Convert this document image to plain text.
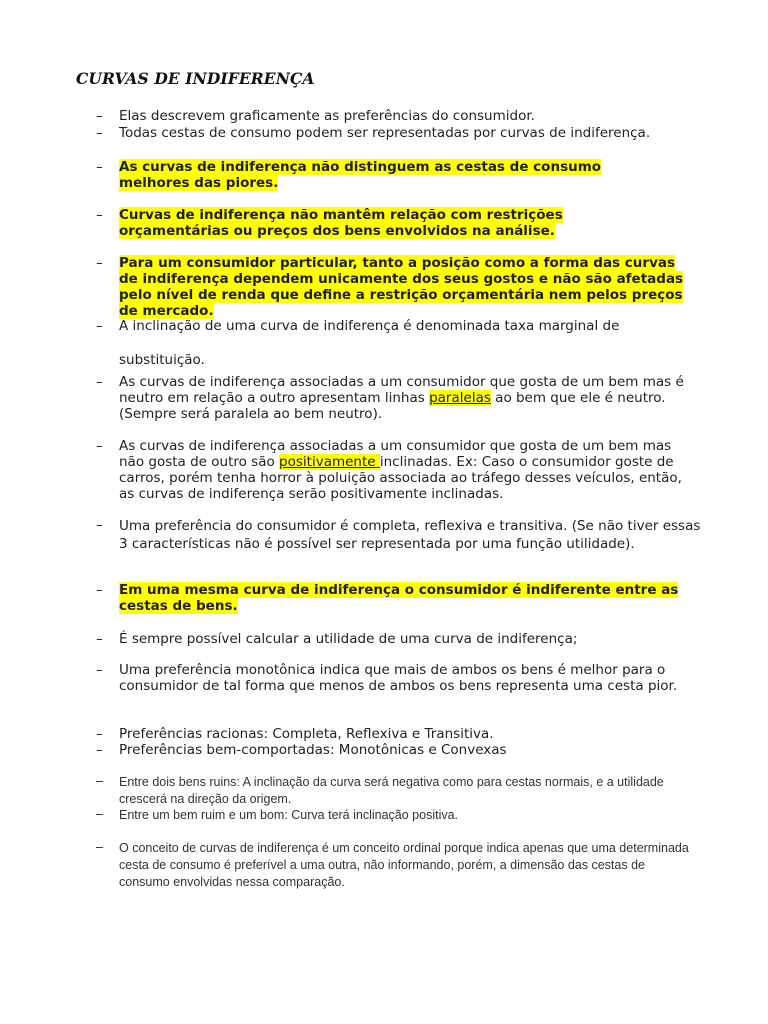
CURVAS DE INDIFERENÇA
– Elas descrevem graficamente as preferências do consumidor.
– Todas cestas de consumo podem ser representadas por curvas de indiferença.
– As curvas de indiferença não distinguem as cestas de consumo melhores das piores.
– Curvas de indiferença não mantêm relação com restrições orçamentárias ou preços dos bens envolvidos na análise.
– Para um consumidor particular, tanto a posição como a forma das curvas de indiferença dependem unicamente dos seus gostos e não são afetadas pelo nível de renda que define a restrição orçamentária nem pelos preços de mercado.
– A inclinação de uma curva de indiferença é denominada taxa marginal de
substituição.
– As curvas de indiferença associadas a um consumidor que gosta de um bem mas é neutro em relação a outro apresentam linhas paralelas ao bem que ele é neutro. (Sempre será paralela ao bem neutro).
– As curvas de indiferença associadas a um consumidor que gosta de um bem mas não gosta de outro são positivamente inclinadas. Ex: Caso o consumidor goste de carros, porém tenha horror à poluição associada ao tráfego desses veículos, então, as curvas de indiferença serão positivamente inclinadas.
– Uma preferência do consumidor é completa, reflexiva e transitiva. (Se não tiver essas 3 características não é possível ser representada por uma função utilidade).
– Em uma mesma curva de indiferença o consumidor é indiferente entre as cestas de bens.
– É sempre possível calcular a utilidade de uma curva de indiferença;
– Uma preferência monotônica indica que mais de ambos os bens é melhor para o consumidor de tal forma que menos de ambos os bens representa uma cesta pior.
– Preferências racionas: Completa, Reflexiva e Transitiva.
– Preferências bem-comportadas: Monotônicas e Convexas
– Entre dois bens ruins: A inclinação da curva será negativa como para cestas normais, e a utilidade crescerá na direção da origem.
– Entre um bem ruim e um bom: Curva terá inclinação positiva.
– O conceito de curvas de indiferença é um conceito ordinal porque indica apenas que uma determinada cesta de consumo é preferível a uma outra, não informando, porém, a dimensão das cestas de consumo envolvidas nessa comparação.
